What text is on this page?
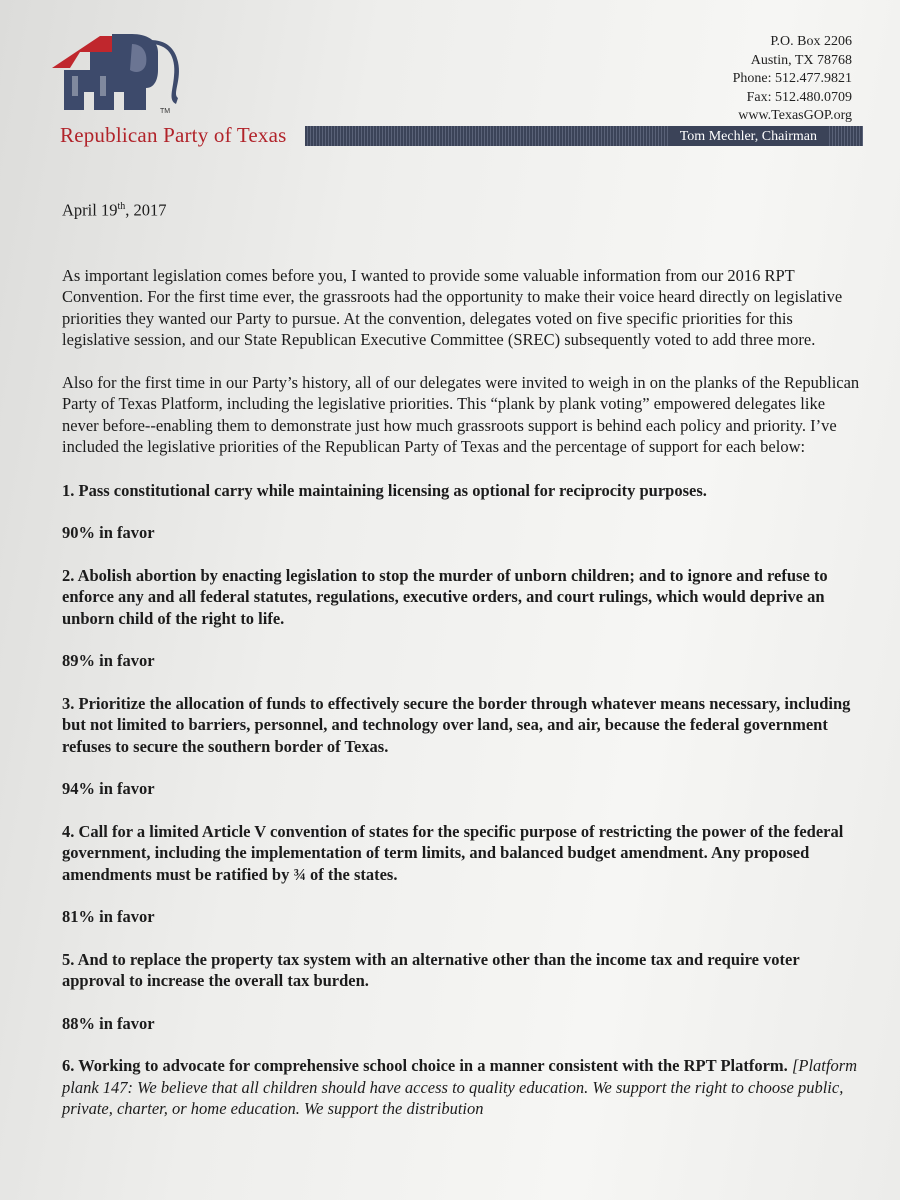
TM
Republican Party of Texas
P.O. Box 2206
Austin, TX 78768
Phone: 512.477.9821
Fax: 512.480.0709
www.TexasGOP.org
Tom Mechler, Chairman
April 19th, 2017

As important legislation comes before you, I wanted to provide some valuable information from our 2016 RPT Convention. For the first time ever, the grassroots had the opportunity to make their voice heard directly on legislative priorities they wanted our Party to pursue. At the convention, delegates voted on five specific priorities for this legislative session, and our State Republican Executive Committee (SREC) subsequently voted to add three more.

Also for the first time in our Party’s history, all of our delegates were invited to weigh in on the planks of the Republican Party of Texas Platform, including the legislative priorities. This “plank by plank voting” empowered delegates like never before--enabling them to demonstrate just how much grassroots support is behind each policy and priority. I’ve included the legislative priorities of the Republican Party of Texas and the percentage of support for each below:

1. Pass constitutional carry while maintaining licensing as optional for reciprocity purposes.

90% in favor

2. Abolish abortion by enacting legislation to stop the murder of unborn children; and to ignore and refuse to enforce any and all federal statutes, regulations, executive orders, and court rulings, which would deprive an unborn child of the right to life.

89% in favor

3. Prioritize the allocation of funds to effectively secure the border through whatever means necessary, including but not limited to barriers, personnel, and technology over land, sea, and air, because the federal government refuses to secure the southern border of Texas.

94% in favor

4. Call for a limited Article V convention of states for the specific purpose of restricting the power of the federal government, including the implementation of term limits, and balanced budget amendment. Any proposed amendments must be ratified by ¾ of the states.

81% in favor

5. And to replace the property tax system with an alternative other than the income tax and require voter approval to increase the overall tax burden.

88% in favor

6. Working to advocate for comprehensive school choice in a manner consistent with the RPT Platform. [Platform plank 147: We believe that all children should have access to quality education. We support the right to choose public, private, charter, or home education. We support the distribution
